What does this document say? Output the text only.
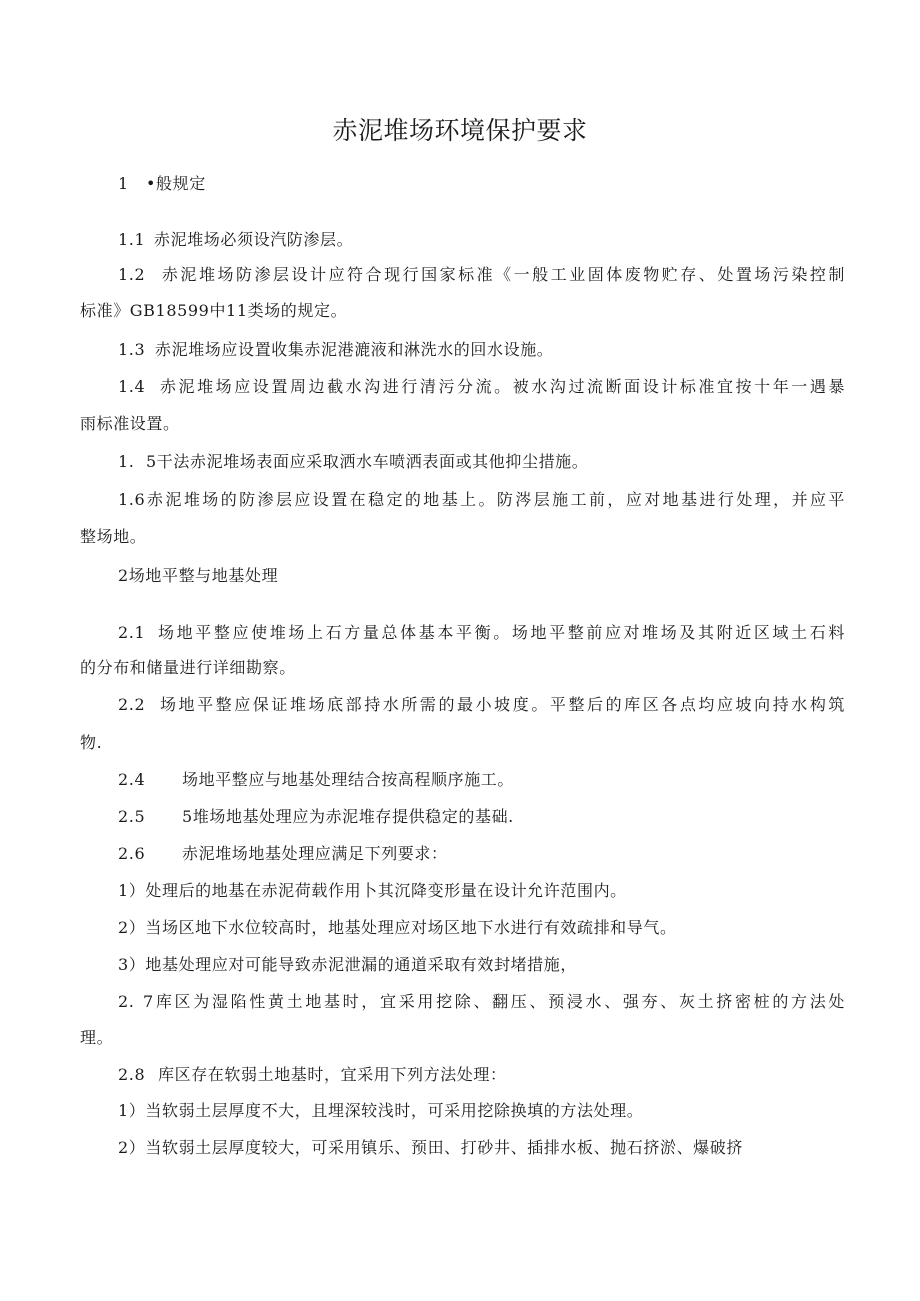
赤泥堆场环境保护要求
1 •般规定
1.1 赤泥堆场必须设汽防渗层。
1.2 赤泥堆场防渗层设计应符合现行国家标准《一般工业固体废物贮存、处置场污染控制
标准》GB18599中11类场的规定。
1.3 赤泥堆场应设置收集赤泥港漉液和淋洗水的回水设施。
1.4 赤泥堆场应设置周边截水沟进行清污分流。被水沟过流断面设计标准宜按十年一遇暴
雨标准设置。
1. 5干法赤泥堆场表面应采取洒水车喷洒表面或其他抑尘措施。
1.6赤泥堆场的防渗层应设置在稳定的地基上。防涔层施工前，应对地基进行处理，并应平
整场地。
2场地平整与地基处理
2.1 场地平整应使堆场上石方量总体基本平衡。场地平整前应对堆场及其附近区域土石料
的分布和储量进行详细勘察。
2.2 场地平整应保证堆场底部持水所需的最小坡度。平整后的库区各点均应坡向持水构筑
物.
2.4 场地平整应与地基处理结合按高程顺序施工。
2.5 5堆场地基处理应为赤泥堆存提供稳定的基础.
2.6 赤泥堆场地基处理应满足下列要求：
1）处理后的地基在赤泥荷载作用卜其沉降变形量在设计允许范围内。
2）当场区地下水位较高时，地基处理应对场区地下水进行有效疏排和导气。
3）地基处理应对可能导致赤泥泄漏的通道采取有效封堵措施，
2. 7库区为湿陷性黄土地基时，宜采用挖除、翻压、预浸水、强夯、灰土挤密桩的方法处
理。
2.8 库区存在软弱土地基时，宜采用下列方法处理：
1）当软弱土层厚度不大，且埋深较浅时，可采用挖除换填的方法处理。
2）当软弱土层厚度较大，可采用镇乐、预田、打砂井、插排水板、抛石挤淤、爆破挤
